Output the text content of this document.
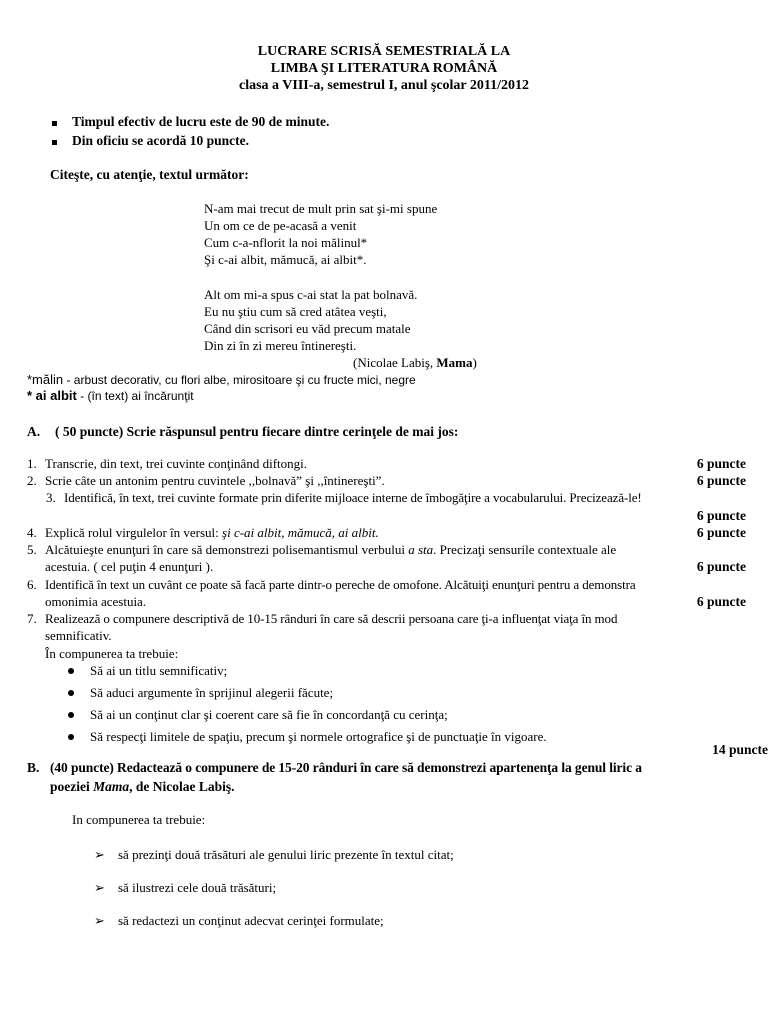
LUCRARE SCRISĂ SEMESTRIALĂ LA
LIMBA ŞI LITERATURA ROMÂNĂ
clasa a VIII-a, semestrul I, anul şcolar 2011/2012
Timpul efectiv de lucru este de 90 de minute.
Din oficiu se acordă 10 puncte.
Citeşte, cu atenţie, textul următor:
N-am mai trecut de mult prin sat şi-mi spune
Un om ce de pe-acasă a venit
Cum c-a-nflorit la noi mălinul*
Şi c-ai albit, mămucă, ai albit*.
Alt om mi-a spus c-ai stat la pat bolnavă.
Eu nu ştiu cum să cred atâtea veşti,
Când din scrisori eu văd precum matale
Din zi în zi mereu întinereşti.
(Nicolae Labiş, Mama)
*mălin - arbust decorativ, cu flori albe, mirositoare şi cu fructe mici, negre
* ai albit - (în text) ai încărunţit
A. ( 50 puncte) Scrie răspunsul pentru fiecare dintre cerinţele de mai jos:
1. Transcrie, din text, trei cuvinte conţinând diftongi.	6 puncte
2. Scrie câte un antonim pentru cuvintele ,,bolnavă” şi ,,întinereşti”.	6 puncte
3. Identifică, în text, trei cuvinte formate prin diferite mijloace interne de îmbogăţire a vocabularului. Precizează-le!
6 puncte
4. Explică rolul virgulelor în versul: şi c-ai albit, mămucă, ai albit.	6 puncte
5. Alcătuieşte enunţuri în care să demonstrezi polisemantismul verbului a sta. Precizaţi sensurile contextuale ale
acestuia. ( cel puţin 4 enunţuri ).	6 puncte
6. Identifică în text un cuvânt ce poate să facă parte dintr-o pereche de omofone. Alcătuiţi enunţuri pentru a demonstra
omonimia acestuia.	6 puncte
7. Realizează o compunere descriptivă de 10-15 rânduri în care să descrii persoana care ţi-a influenţat viaţa în mod
semnificativ.
În compunerea ta trebuie:
Să ai un titlu semnificativ;
Să aduci argumente în sprijinul alegerii făcute;
Să ai un conţinut clar şi coerent care să fie în concordanţă cu cerinţa;
Să respecţi limitele de spaţiu, precum şi normele ortografice şi de punctuaţie în vigoare.
14 puncte
B. (40 puncte) Redactează o compunere de 15-20 rânduri în care să demonstrezi apartenenţa la genul liric a
poeziei Mama, de Nicolae Labiş.
In compunerea ta trebuie:
➢ să prezinţi două trăsături ale genului liric prezente în textul citat;
➢ să ilustrezi cele două trăsături;
➢ să redactezi un conţinut adecvat cerinţei formulate;
